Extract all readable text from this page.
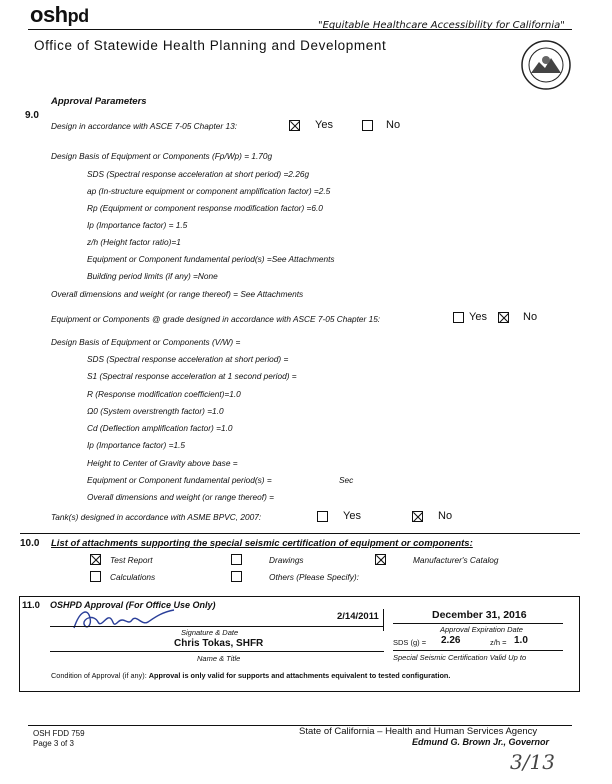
oshpd	"Equitable Healthcare Accessibility for California"
Office of Statewide Health Planning and Development
9.0
Approval Parameters
Design in accordance with ASCE 7-05 Chapter 13:	Yes	No
Design Basis of Equipment or Components (Fp/Wp) = 1.70g
SDS (Spectral response acceleration at short period) =2.26g
ap (In-structure equipment or component amplification factor) =2.5
Rp (Equipment or component response modification factor) =6.0
Ip (Importance factor) = 1.5
z/h (Height factor ratio)=1
Equipment or Component fundamental period(s) =See Attachments
Building period limits (if any) =None
Overall dimensions and weight (or range thereof) = See Attachments
Equipment or Components @ grade designed in accordance with ASCE 7-05 Chapter 15:	Yes	No
Design Basis of Equipment or Components (V/W) =
SDS (Spectral response acceleration at short period) =
S1 (Spectral response acceleration at 1 second period) =
R (Response modification coefficient)=1.0
Ω0 (System overstrength factor) =1.0
Cd (Deflection amplification factor) =1.0
Ip (Importance factor) =1.5
Height to Center of Gravity above base =
Equipment or Component fundamental period(s) =	Sec
Overall dimensions and weight (or range thereof) =
Tank(s) designed in accordance with ASME BPVC, 2007:	Yes	No
10.0 List of attachments supporting the special seismic certification of equipment or components:
Test Report	Drawings	Manufacturer's Catalog
Calculations	Others (Please Specify):
11.0 OSHPD Approval (For Office Use Only)
2/14/2011
Signature & Date
Chris Tokas, SHFR
Name & Title
December 31, 2016
Approval Expiration Date
SDS (g) = 2.26	z/h = 1.0
Special Seismic Certification Valid Up to
Condition of Approval (if any): Approval is only valid for supports and attachments equivalent to tested configuration.
OSH FDD 759
Page 3 of 3
State of California – Health and Human Services Agency
Edmund G. Brown Jr., Governor
3/13
